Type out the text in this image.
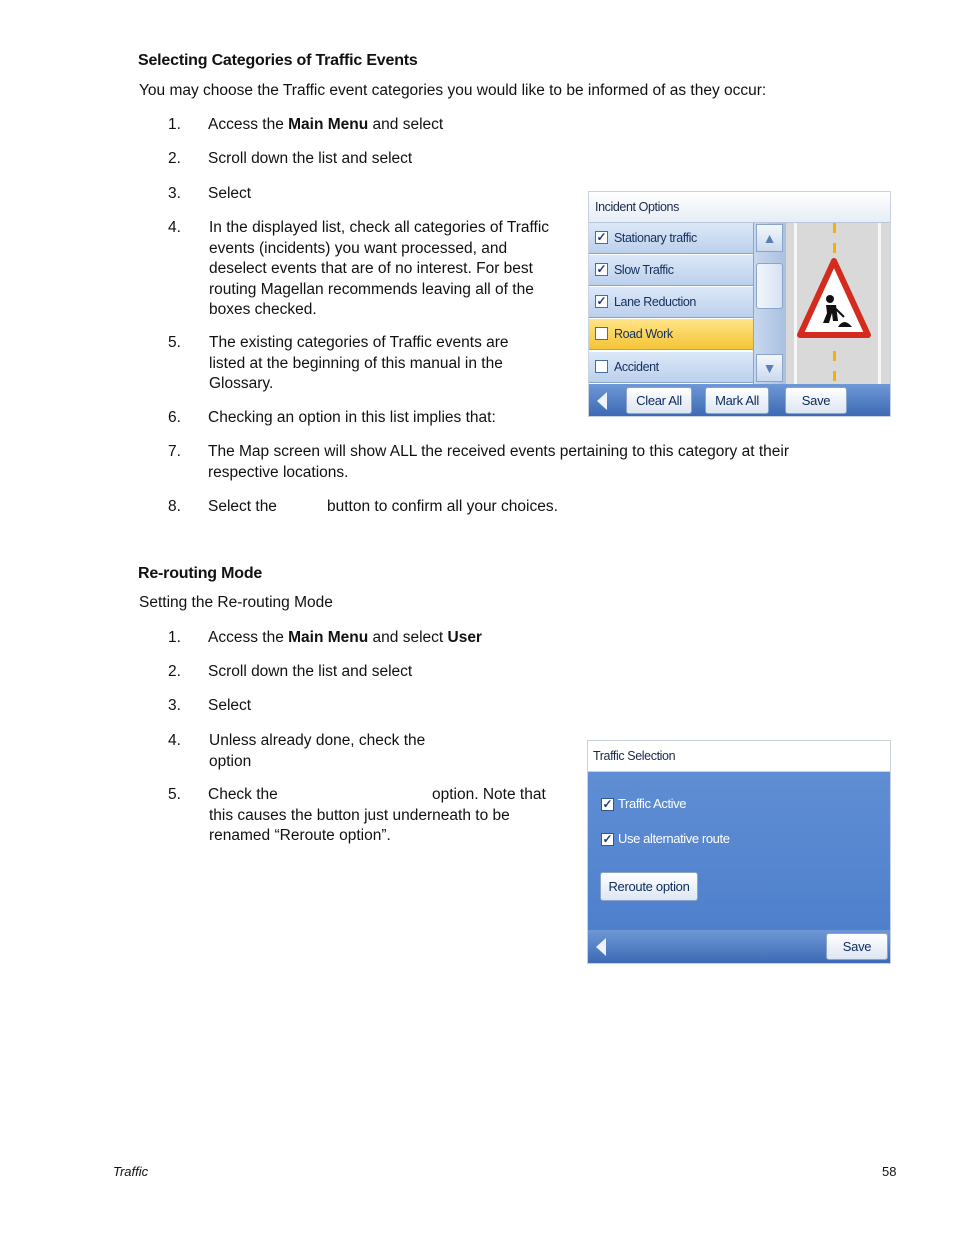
Selecting Categories of Traffic Events

You may choose the Traffic event categories you would like to be informed of as they occur:

1.	Access the Main Menu and select
2.	Scroll down the list and select
3.	Select
4.	In the displayed list, check all categories of Traffic events (incidents) you want processed, and deselect events that are of no interest. For best routing Magellan recommends leaving all of the boxes checked.
5.	The existing categories of Traffic events are listed at the beginning of this manual in the Glossary.
6.	Checking an option in this list implies that:
7.	The Map screen will show ALL the received events pertaining to this category at their respective locations.
8.	Select the	button to confirm all your choices.
Incident Options
✓ Stationary traffic
✓ Slow Traffic
✓ Lane Reduction
Road Work
Accident
▲
▼
Clear All	Mark All	Save
Re-routing Mode

Setting the Re-routing Mode

1.	Access the Main Menu and select User
2.	Scroll down the list and select
3.	Select
4.	Unless already done, check the option
5.	Check the	option. Note that this causes the button just underneath to be renamed “Reroute option”.
Traffic Selection
✓ Traffic Active
✓ Use alternative route
Reroute option
Save
Traffic	58
